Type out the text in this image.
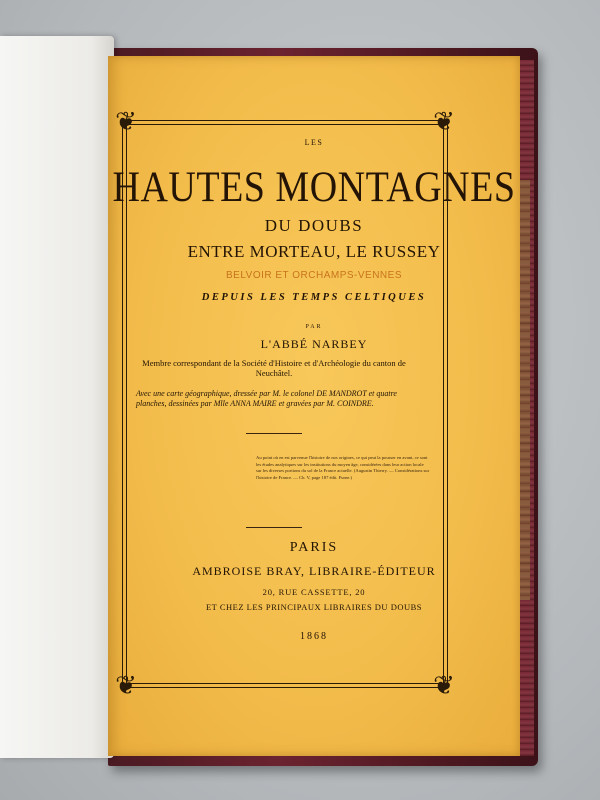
❦	❦
❦	❦
LES
HAUTES MONTAGNES
DU DOUBS
ENTRE MORTEAU, LE RUSSEY
BELVOIR ET ORCHAMPS-VENNES
DEPUIS LES TEMPS CELTIQUES
PAR
L'ABBÉ NARBEY
Membre correspondant de la Société d'Histoire et d'Archéologie du canton de Neuchâtel.
Avec une carte géographique, dressée par M. le colonel DE MANDROT et quatre planches, dessinées par Mlle ANNA MAIRE et gravées par M. COINDRE.
Au point où en est parvenue l'histoire de nos origines, ce qui peut la pousser en avant, ce sont les études analytiques sur les institutions du moyen âge, considérées dans leur action locale sur les diverses portions du sol de la France actuelle. (Augustin Thierry. — Considérations sur l'histoire de France. — Ch. V, page 187 édit. Furne.)
PARIS
AMBROISE BRAY, LIBRAIRE-ÉDITEUR
20, RUE CASSETTE, 20
ET CHEZ LES PRINCIPAUX LIBRAIRES DU DOUBS
1868
